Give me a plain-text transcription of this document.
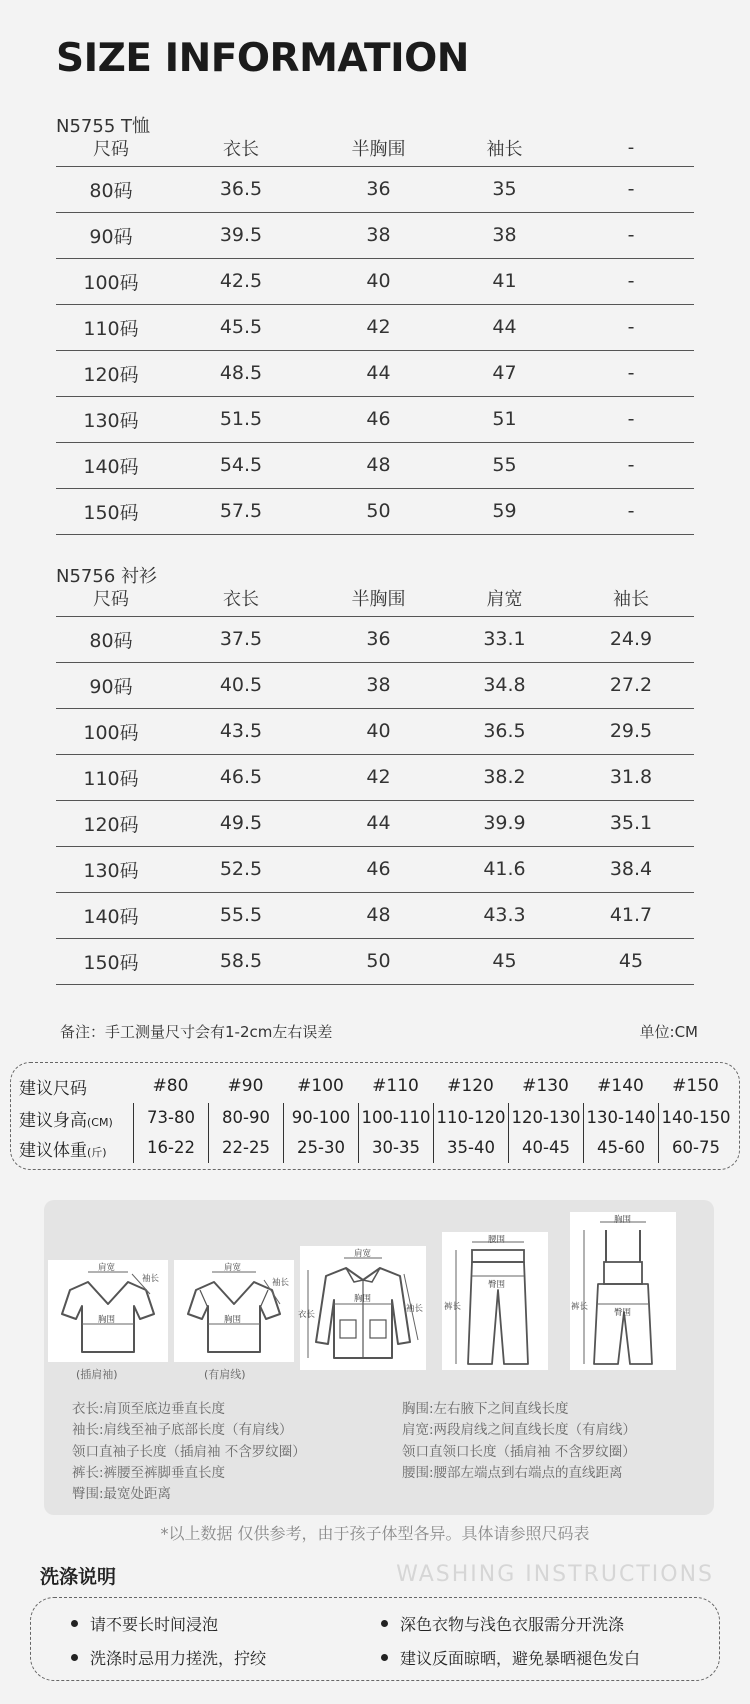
SIZE INFORMATION
N5755 T恤
尺码	衣长	半胸围	袖长	-
80码	36.5	36	35	-
90码	39.5	38	38	-
100码	42.5	40	41	-
110码	45.5	42	44	-
120码	48.5	44	47	-
130码	51.5	46	51	-
140码	54.5	48	55	-
150码	57.5	50	59	-
N5756 衬衫
尺码	衣长	半胸围	肩宽	袖长
80码	37.5	36	33.1	24.9
90码	40.5	38	34.8	27.2
100码	43.5	40	36.5	29.5
110码	46.5	42	38.2	31.8
120码	49.5	44	39.9	35.1
130码	52.5	46	41.6	38.4
140码	55.5	48	43.3	41.7
150码	58.5	50	45	45
备注：手工测量尺寸会有1-2cm左右误差	单位:CM
建议尺码	#80	#90	#100	#110	#120	#130	#140	#150
建议身高(CM)	73-80	80-90	90-100 100-110 110-120 120-130 130-140 140-150
建议体重(斤)	16-22	22-25	25-30	30-35	35-40	40-45	45-60	60-75
肩宽
袖长
胸围
(插肩袖)
肩宽
袖长
胸围
(有肩线)
肩宽
衣长
胸围
袖长
腰围
臀围
裤长
胸围
臀围
裤长
衣长:肩顶至底边垂直长度
袖长:肩线至袖子底部长度（有肩线）
领口直袖子长度（插肩袖 不含罗纹圈）
裤长:裤腰至裤脚垂直长度
臀围:最宽处距离
胸围:左右腋下之间直线长度
肩宽:两段肩线之间直线长度（有肩线）
领口直领口长度（插肩袖 不含罗纹圈）
腰围:腰部左端点到右端点的直线距离
*以上数据 仅供参考，由于孩子体型各异。具体请参照尺码表
洗涤说明	WASHING INSTRUCTIONS
请不要长时间浸泡	深色衣物与浅色衣服需分开洗涤
洗涤时忌用力搓洗，拧绞	建议反面晾晒，避免暴晒褪色发白
